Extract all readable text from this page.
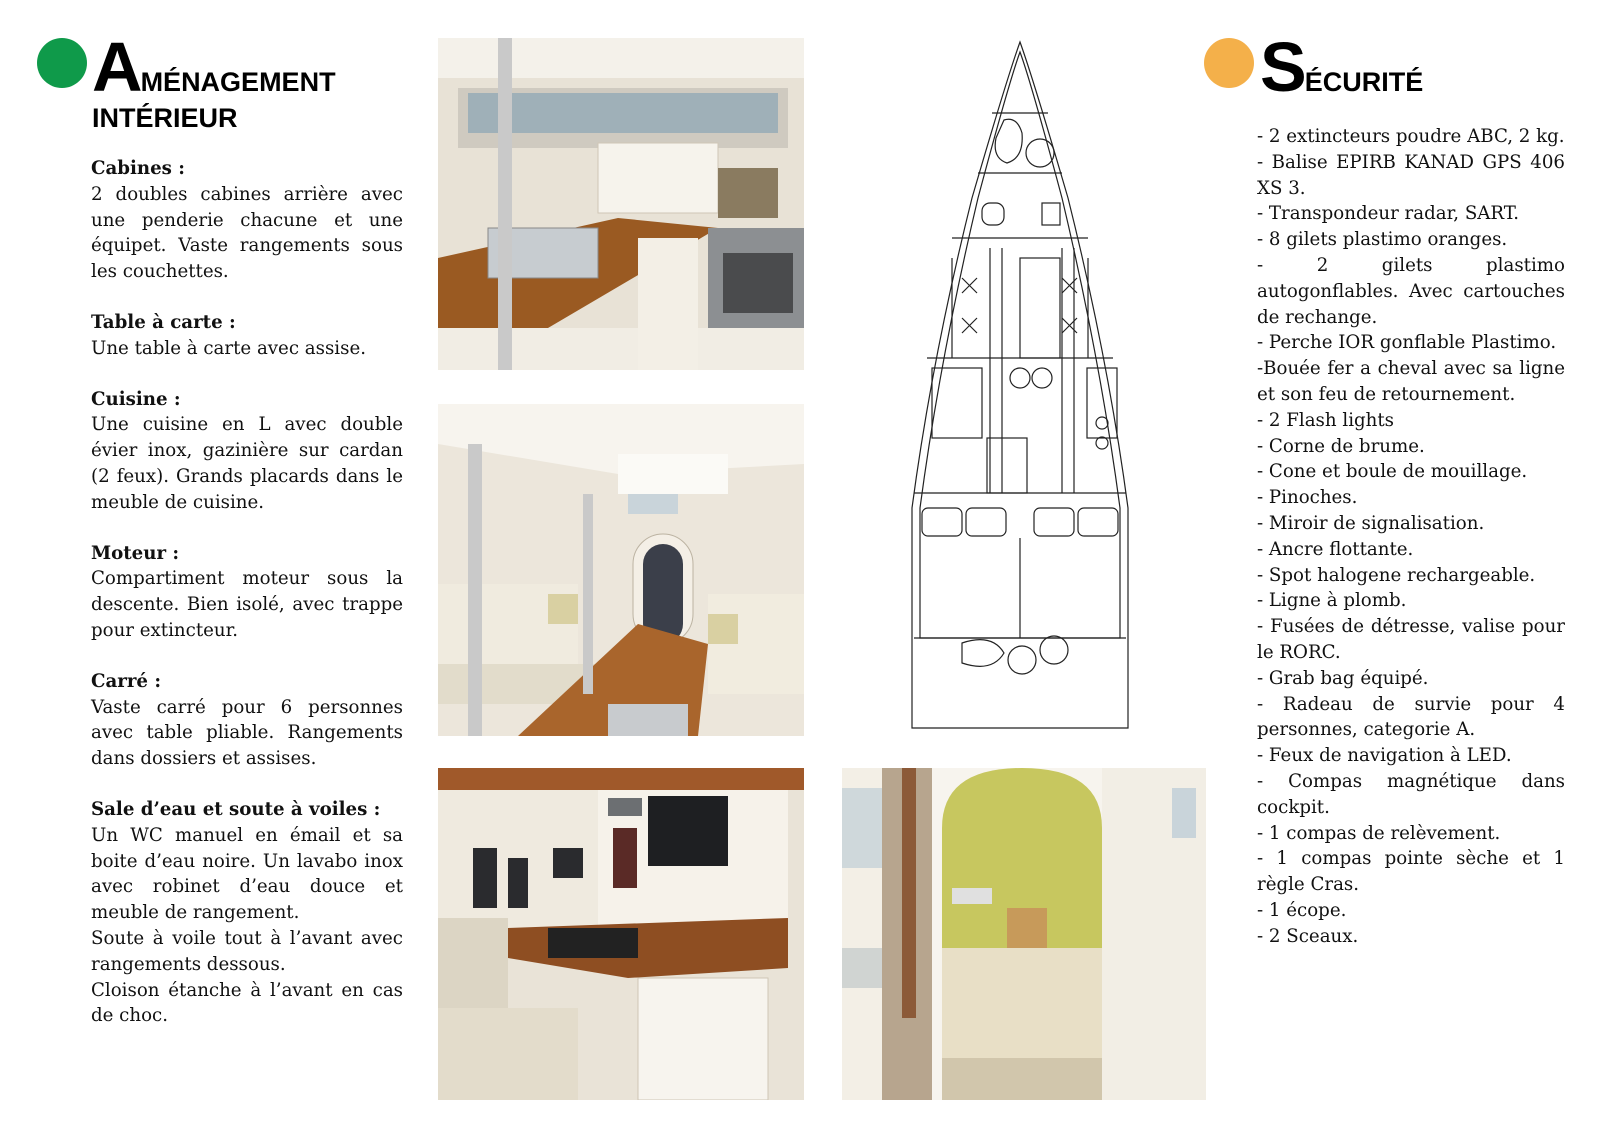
Aménagement
intérieur

Cabines :

2 doubles cabines arrière avec une penderie chacune et une équipet. Vaste rangements sous les couchettes.

Table à carte :

Une table à carte avec assise.

Cuisine :

Une cuisine en L avec double évier inox, gazinière sur cardan (2 feux). Grands placards dans le meuble de cuisine.

Moteur :

Compartiment moteur sous la descente. Bien isolé, avec trappe pour extincteur.

Carré :

Vaste carré pour 6 personnes avec table pliable. Rangements dans dossiers et assises.

Sale d’eau et soute à voiles :

Un WC manuel en émail et sa boite d’eau noire. Un lavabo inox avec robinet d’eau douce et meuble de rangement.

Soute à voile tout à l’avant avec rangements dessous.

Cloison étanche à l’avant en cas de choc.

Sécurité

- 2 extincteurs poudre ABC, 2 kg.

- Balise EPIRB KANAD GPS 406 XS 3.

- Transpondeur radar, SART.

- 8 gilets plastimo oranges.

- 2 gilets plastimo autogonflables. Avec cartouches de rechange.

- Perche IOR gonflable Plastimo.

-Bouée fer a cheval avec sa ligne et son feu de retournement.

- 2 Flash lights

- Corne de brume.

- Cone et boule de mouillage.

- Pinoches.

- Miroir de signalisation.

- Ancre flottante.

- Spot halogene rechargeable.

- Ligne à plomb.

- Fusées de détresse, valise pour le RORC.

- Grab bag équipé.

- Radeau de survie pour 4 personnes, categorie A.

- Feux de navigation à LED.

- Compas magnétique dans cockpit.

- 1 compas de relèvement.

- 1 compas pointe sèche et 1 règle Cras.

- 1 écope.

- 2 Sceaux.
